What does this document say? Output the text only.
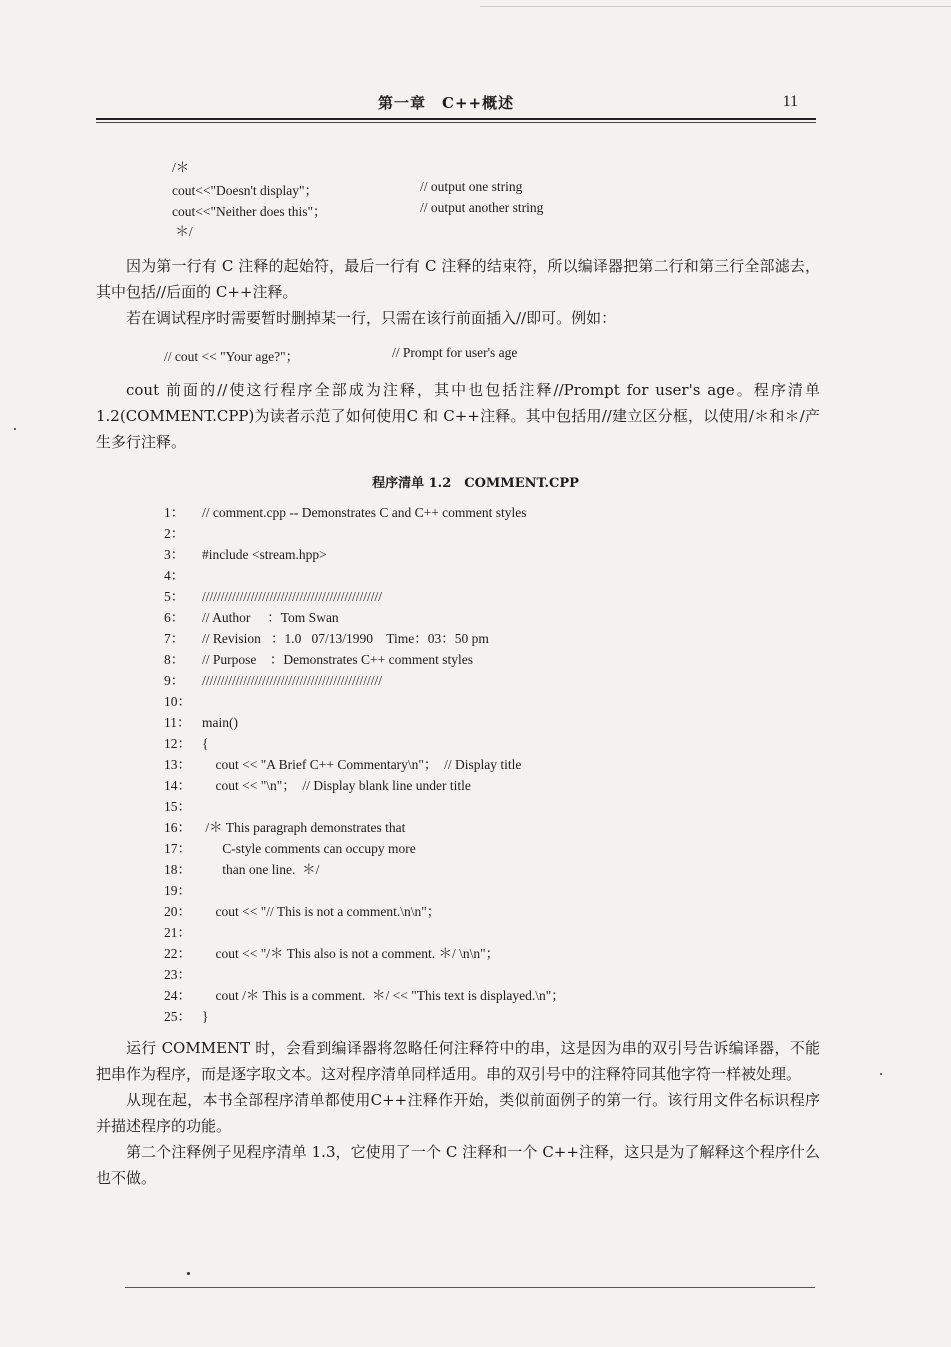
第一章　C++概述	11
/＊
cout<<"Doesn't display"；	// output one string
cout<<"Neither does this"；	// output another string
＊/

因为第一行有 C 注释的起始符，最后一行有 C 注释的结束符，所以编译器把第二行和第三行全部滤去，其中包括//后面的 C++注释。

若在调试程序时需要暂时删掉某一行，只需在该行前面插入//即可。例如：

// cout << "Your age?"；	// Prompt for user's age

cout 前面的//使这行程序全部成为注释，其中也包括注释//Prompt for user's age。程序清单 1.2(COMMENT.CPP)为读者示范了如何使用C 和 C++注释。其中包括用//建立区分框，以使用/＊和＊/产生多行注释。

程序清单 1.2　COMMENT.CPP
1： // comment.cpp -- Demonstrates C and C++ comment styles
2：
3： #include <stream.hpp>
4：
5： ////////////////////////////////////////////////
6： // Author     ：Tom Swan
7： // Revision   ：1.0   07/13/1990    Time：03：50 pm
8： // Purpose    ：Demonstrates C++ comment styles
9： ////////////////////////////////////////////////
10：
11： main()
12： {
13： cout << "A Brief C++ Commentary\n"；  // Display title
14： cout << "\n"；  // Display blank line under title
15：
16： /＊ This paragraph demonstrates that
17： C-style comments can occupy more
18： than one line.  ＊/
19：
20： cout << "// This is not a comment.\n\n"；
21：
22： cout << "/＊ This also is not a comment. ＊/ \n\n"；
23：
24： cout /＊ This is a comment.  ＊/ << "This text is displayed.\n"；
25： }

运行 COMMENT 时，会看到编译器将忽略任何注释符中的串，这是因为串的双引号告诉编译器，不能把串作为程序，而是逐字取文本。这对程序清单同样适用。串的双引号中的注释符同其他字符一样被处理。

从现在起，本书全部程序清单都使用C++注释作开始，类似前面例子的第一行。该行用文件名标识程序并描述程序的功能。

第二个注释例子见程序清单 1.3，它使用了一个 C 注释和一个 C++注释，这只是为了解释这个程序什么也不做。
